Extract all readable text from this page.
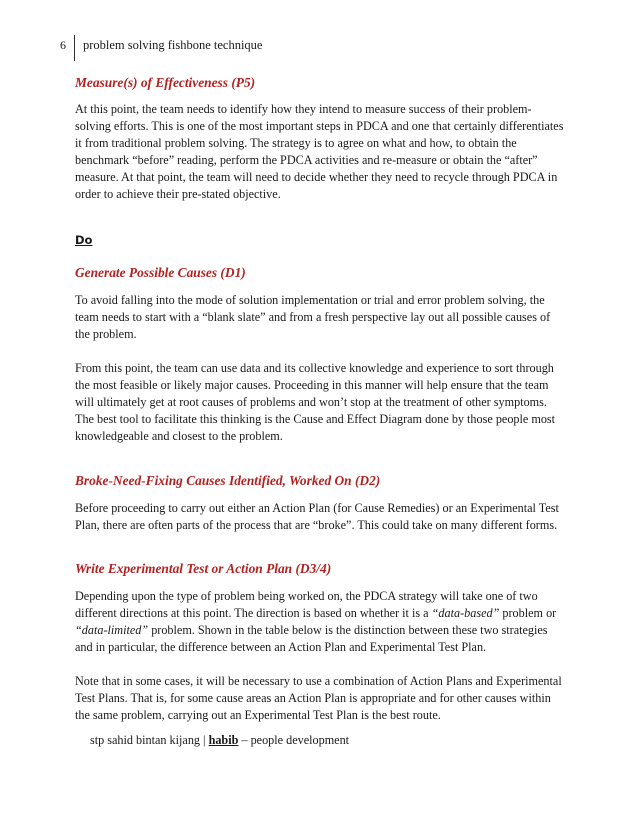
6	problem solving fishbone technique
Measure(s) of Effectiveness (P5)

At this point, the team needs to identify how they intend to measure success of their problem-solving efforts. This is one of the most important steps in PDCA and one that certainly differentiates it from traditional problem solving. The strategy is to agree on what and how, to obtain the benchmark “before” reading, perform the PDCA activities and re-measure or obtain the “after” measure. At that point, the team will need to decide whether they need to recycle through PDCA in order to achieve their pre-stated objective.

Do

Generate Possible Causes (D1)

To avoid falling into the mode of solution implementation or trial and error problem solving, the team needs to start with a “blank slate” and from a fresh perspective lay out all possible causes of the problem.

From this point, the team can use data and its collective knowledge and experience to sort through the most feasible or likely major causes. Proceeding in this manner will help ensure that the team will ultimately get at root causes of problems and won’t stop at the treatment of other symptoms. The best tool to facilitate this thinking is the Cause and Effect Diagram done by those people most knowledgeable and closest to the problem.

Broke-Need-Fixing Causes Identified, Worked On (D2)

Before proceeding to carry out either an Action Plan (for Cause Remedies) or an Experimental Test Plan, there are often parts of the process that are “broke”. This could take on many different forms.

Write Experimental Test or Action Plan (D3/4)

Depending upon the type of problem being worked on, the PDCA strategy will take one of two different directions at this point. The direction is based on whether it is a “data-based” problem or “data-limited” problem. Shown in the table below is the distinction between these two strategies and in particular, the difference between an Action Plan and Experimental Test Plan.

Note that in some cases, it will be necessary to use a combination of Action Plans and Experimental Test Plans. That is, for some cause areas an Action Plan is appropriate and for other causes within the same problem, carrying out an Experimental Test Plan is the best route.

stp sahid bintan kijang | habib – people development
